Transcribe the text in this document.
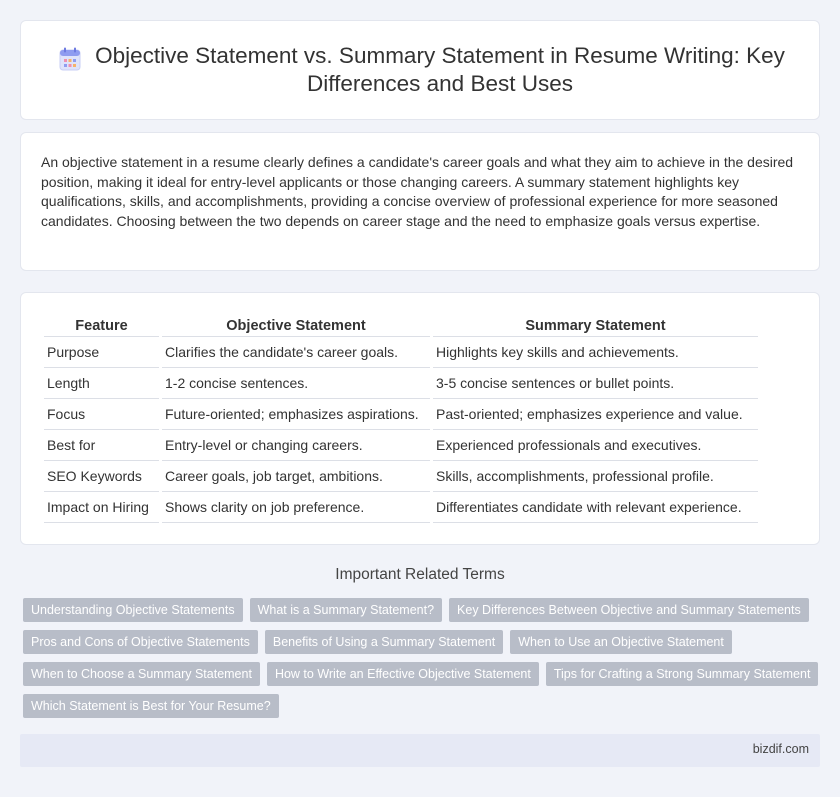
Objective Statement vs. Summary Statement in Resume Writing: Key Differences and Best Uses

An objective statement in a resume clearly defines a candidate's career goals and what they aim to achieve in the desired position, making it ideal for entry-level applicants or those changing careers. A summary statement highlights key qualifications, skills, and accomplishments, providing a concise overview of professional experience for more seasoned candidates. Choosing between the two depends on career stage and the need to emphasize goals versus expertise.

Feature	Objective Statement	Summary Statement
Purpose	Clarifies the candidate's career goals.	Highlights key skills and achievements.
Length	1-2 concise sentences.	3-5 concise sentences or bullet points.
Focus	Future-oriented; emphasizes aspirations.	Past-oriented; emphasizes experience and value.
Best for	Entry-level or changing careers.	Experienced professionals and executives.
SEO Keywords	Career goals, job target, ambitions.	Skills, accomplishments, professional profile.
Impact on Hiring	Shows clarity on job preference.	Differentiates candidate with relevant experience.
Important Related Terms
Understanding Objective Statements	What is a Summary Statement?	Key Differences Between Objective and Summary Statements
Pros and Cons of Objective Statements	Benefits of Using a Summary Statement	When to Use an Objective Statement
When to Choose a Summary Statement	How to Write an Effective Objective Statement	Tips for Crafting a Strong Summary Statement
Which Statement is Best for Your Resume?
bizdif.com
